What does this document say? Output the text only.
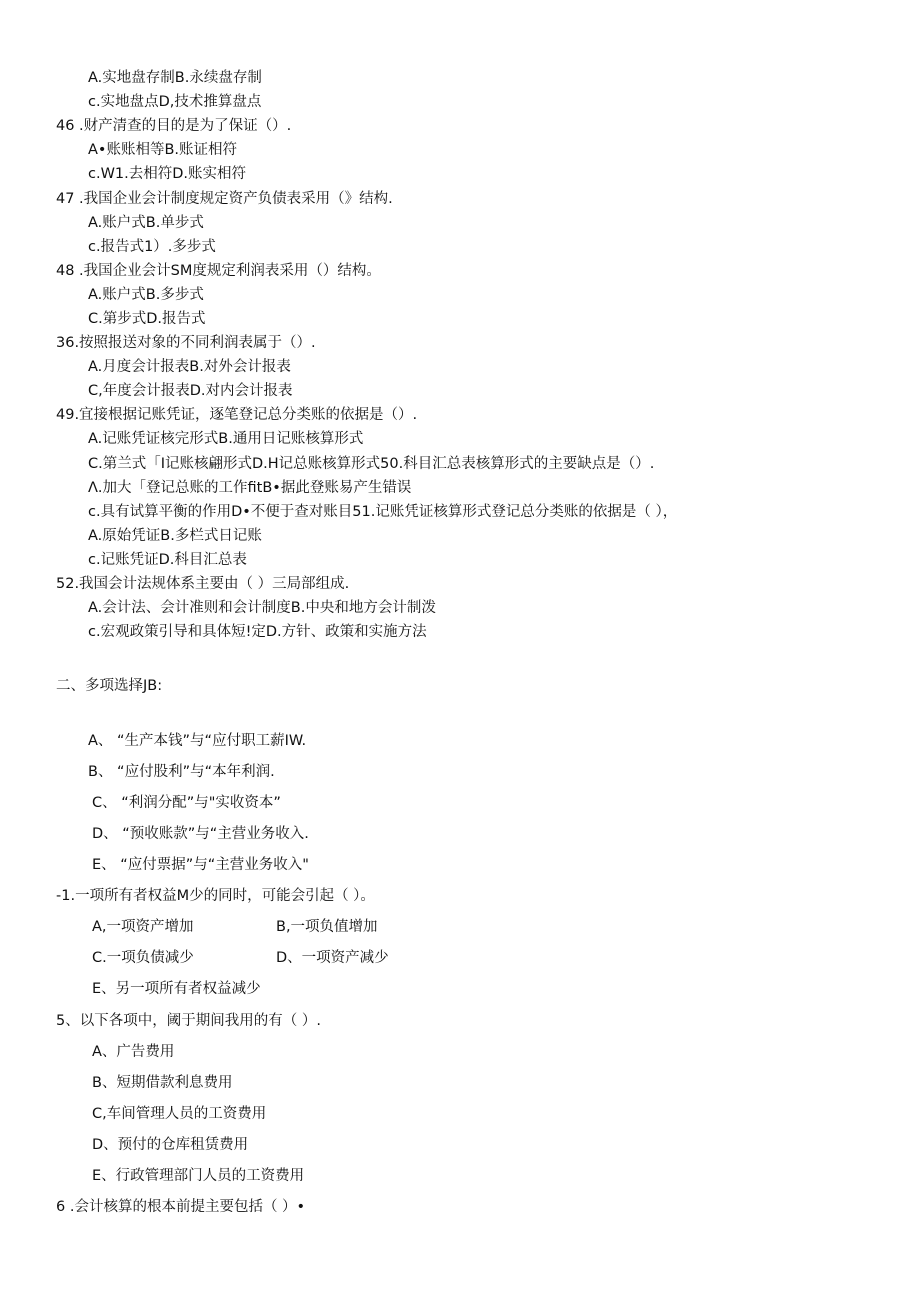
A.实地盘存制B.永续盘存制
c.实地盘点D,技术推算盘点
46 .财产清查的目的是为了保证（）.
A•账账相等B.账证相符
c.W1.去相符D.账实相符
47 .我国企业会计制度规定资产负债表采用（》结构.
A.账户式B.单步式
c.报告式1）.多步式
48 .我国企业会计SM度规定利润表采用（）结构。
A.账户式B.多步式
C.第步式D.报告式
36.按照报送对象的不同利润表属于（）.
A.月度会计报表B.对外会计报表
C,年度会计报表D.对内会计报表
49.宜接根据记账凭证，逐笔登记总分类账的依据是（）.
A.记账凭证核完形式B.通用日记账核算形式
C.第兰式「I记账核翩形式D.H记总账核算形式50.科目汇总表核算形式的主要缺点是（）.
Λ.加大「登记总账的工作fitB•据此登账易产生错误
c.具有试算平衡的作用D•不便于查对账目51.记账凭证核算形式登记总分类账的依据是（ ），
A.原始凭证B.多栏式日记账
c.记账凭证D.科目汇总表
52.我国会计法规体系主要由（ ）三局部组成.
A.会计法、会计准则和会计制度B.中央和地方会计制泼
c.宏观政策引导和具体短!定D.方针、政策和实施方法
二、多项选择JB:
A、 “生产本钱”与“应付职工薪IW.
B、 “应付股利”与“本年利润.
C、 “利润分配”与"实收资本”
D、 “预收账款”与“主营业务收入.
E、 “应付票据”与“主营业务收入"
-1.一项所有者权益M少的同时，可能会引起（ ）。
A,一项资产增加	B,一项负值增加
C.一项负债减少	D、一项资产减少
E、另一项所有者权益减少
5、以下各项中，阈于期间我用的有（ ）.
A、广告费用
B、短期借款利息费用
C,车间管理人员的工资费用
D、预付的仓库租赁费用
E、行政管理部门人员的工资费用
6 .会计核算的根本前提主要包括（ ）•
